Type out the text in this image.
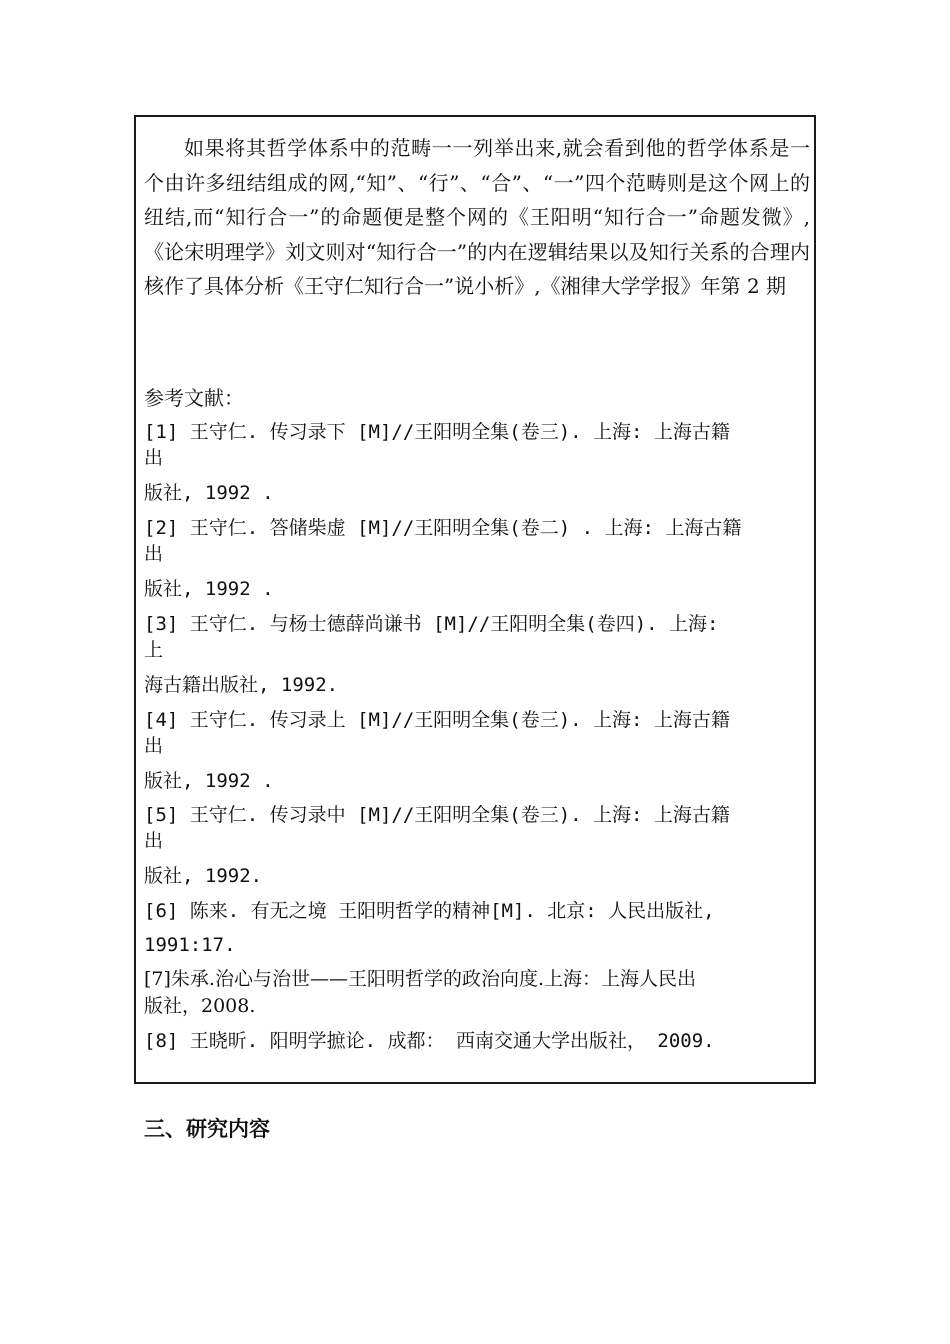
如果将其哲学体系中的范畴一一列举出来,就会看到他的哲学体系是一个由许多纽结组成的网,“知”、“行”、“合”、“一”四个范畴则是这个网上的纽结,而“知行合一”的命题便是整个网的《王阳明“知行合一”命题发微》,《论宋明理学》刘文则对“知行合一”的内在逻辑结果以及知行关系的合理内核作了具体分析《王守仁知行合一”说小析》,《湘律大学学报》年第 2 期

参考文献：

[1] 王守仁. 传习录下 [M]//王阳明全集(卷三). 上海: 上海古籍

出

版社, 1992 .

[2] 王守仁. 答储柴虚 [M]//王阳明全集(卷二) . 上海: 上海古籍

出

版社, 1992 .

[3] 王守仁. 与杨士德薛尚谦书 [M]//王阳明全集(卷四). 上海:

上

海古籍出版社, 1992.

[4] 王守仁. 传习录上 [M]//王阳明全集(卷三). 上海: 上海古籍

出

版社, 1992 .

[5] 王守仁. 传习录中 [M]//王阳明全集(卷三). 上海: 上海古籍

出

版社, 1992.

[6] 陈来. 有无之境 王阳明哲学的精神[M]. 北京: 人民出版社,

1991:17.

[7]朱承.治心与治世——王阳明哲学的政治向度.上海：上海人民出

版社，2008.

[8] 王晓昕. 阳明学摭论. 成都： 西南交通大学出版社， 2009.

三、研究内容
